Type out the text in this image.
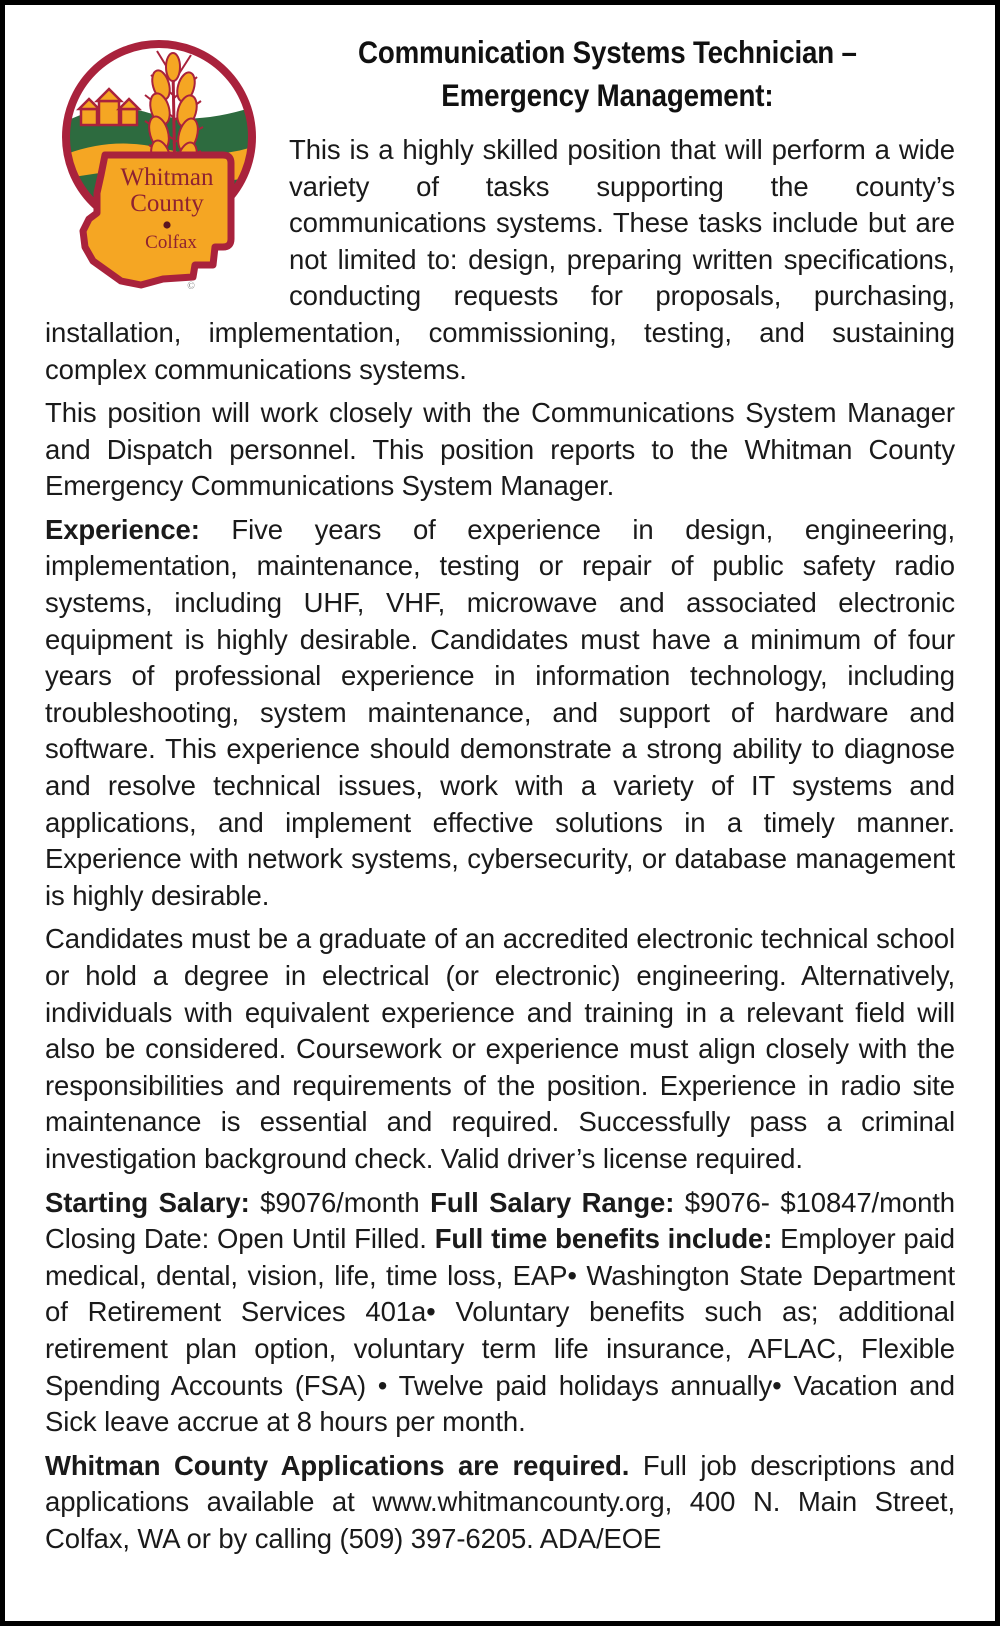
Whitman
County
Colfax
©
Communication Systems Technician –
Emergency Management:

This is a highly skilled position that will perform a wide variety of tasks supporting the county’s communications systems. These tasks include but are not limited to: design, preparing written specifications, conducting requests for proposals, purchasing, installation, implementation, commissioning, testing, and sustaining complex communications systems.

This position will work closely with the Communications System Manager and Dispatch personnel. This position reports to the Whitman County Emergency Communications System Manager.

Experience: Five years of experience in design, engineering, implementation, maintenance, testing or repair of public safety radio systems, including UHF, VHF, microwave and associated electronic equipment is highly desirable. Candidates must have a minimum of four years of professional experience in information technology, including troubleshooting, system maintenance, and support of hardware and software. This experience should demonstrate a strong ability to diagnose and resolve technical issues, work with a variety of IT systems and applications, and implement effective solutions in a timely manner. Experience with network systems, cybersecurity, or database management is highly desirable.

Candidates must be a graduate of an accredited electronic technical school or hold a degree in electrical (or electronic) engineering. Alternatively, individuals with equivalent experience and training in a relevant field will also be considered. Coursework or experience must align closely with the responsibilities and requirements of the position. Experience in radio site maintenance is essential and required. Successfully pass a criminal investigation background check. Valid driver’s license required.

Starting Salary: $9076/month Full Salary Range: $9076- $10847/month Closing Date: Open Until Filled. Full time benefits include: Employer paid medical, dental, vision, life, time loss, EAP• Washington State Department of Retirement Services 401a• Voluntary benefits such as; additional retirement plan option, voluntary term life insurance, AFLAC, Flexible Spending Accounts (FSA) • Twelve paid holidays annually• Vacation and Sick leave accrue at 8 hours per month.

Whitman County Applications are required. Full job descriptions and applications available at www.whitmancounty.org, 400 N. Main Street, Colfax, WA or by calling (509) 397-6205. ADA/EOE
